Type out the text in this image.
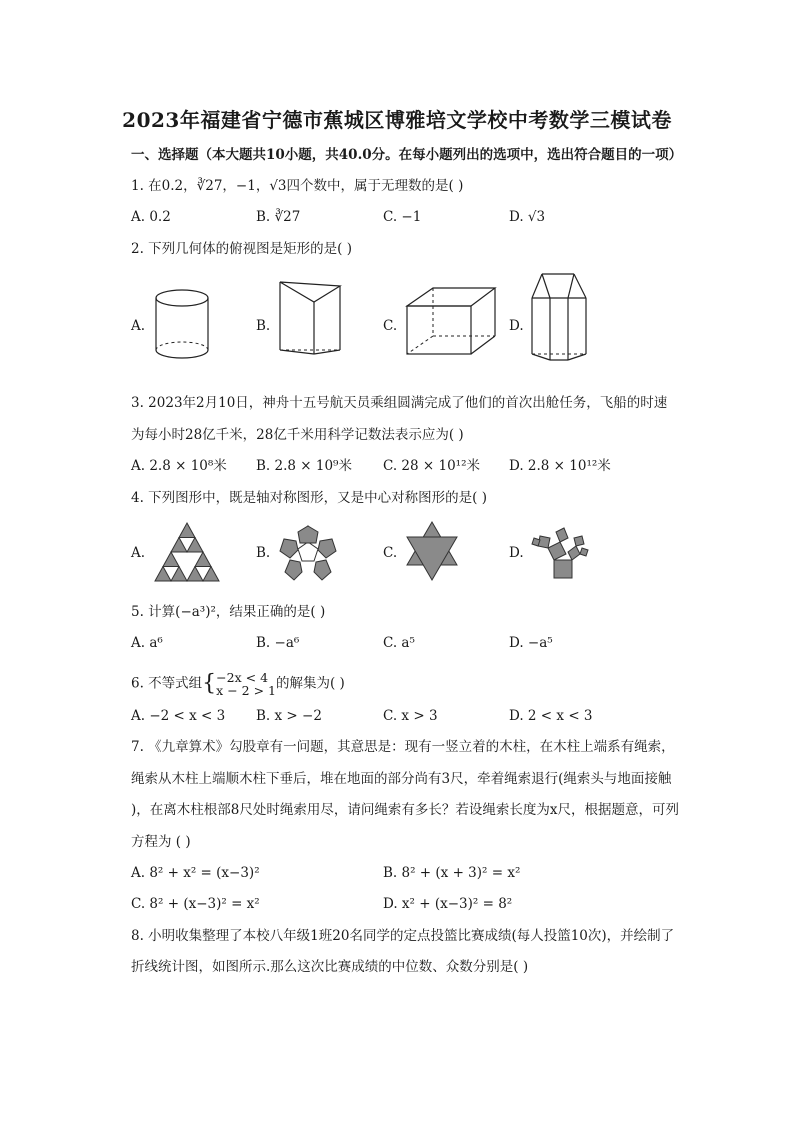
2023年福建省宁德市蕉城区博雅培文学校中考数学三模试卷
一、选择题（本大题共10小题，共40.0分。在每小题列出的选项中，选出符合题目的一项）
1. 在0.2，∛27，−1，√3四个数中，属于无理数的是( )
A. 0.2	B. ∛27	C. −1	D. √3
2. 下列几何体的俯视图是矩形的是( )
A.	B.	C.	D.
3. 2023年2月10日，神舟十五号航天员乘组圆满完成了他们的首次出舱任务，飞船的时速
为每小时28亿千米，28亿千米用科学记数法表示应为( )
A. 2.8 × 10⁸米 B. 2.8 × 10⁹米 C. 28 × 10¹²米 D. 2.8 × 10¹²米
4. 下列图形中，既是轴对称图形，又是中心对称图形的是( )
A.	B.	C.	D.
5. 计算(−a³)²，结果正确的是( )
A. a⁶	B. −a⁶	C. a⁵	D. −a⁵
6. 不等式组{ −2x < 4
x − 2 > 1 的解集为( )
A. −2 < x < 3 B. x > −2	C. x > 3	D. 2 < x < 3
7. 《九章算术》勾股章有一问题，其意思是：现有一竖立着的木柱，在木柱上端系有绳索，
绳索从木柱上端顺木柱下垂后，堆在地面的部分尚有3尺，牵着绳索退行(绳索头与地面接触
)，在离木柱根部8尺处时绳索用尽，请问绳索有多长？若设绳索长度为x尺，根据题意，可列
方程为 ( )
A. 8² + x² = (x−3)²	B. 8² + (x + 3)² = x²
C. 8² + (x−3)² = x²	D. x² + (x−3)² = 8²
8. 小明收集整理了本校八年级1班20名同学的定点投篮比赛成绩(每人投篮10次)，并绘制了
折线统计图，如图所示.那么这次比赛成绩的中位数、众数分别是( )
